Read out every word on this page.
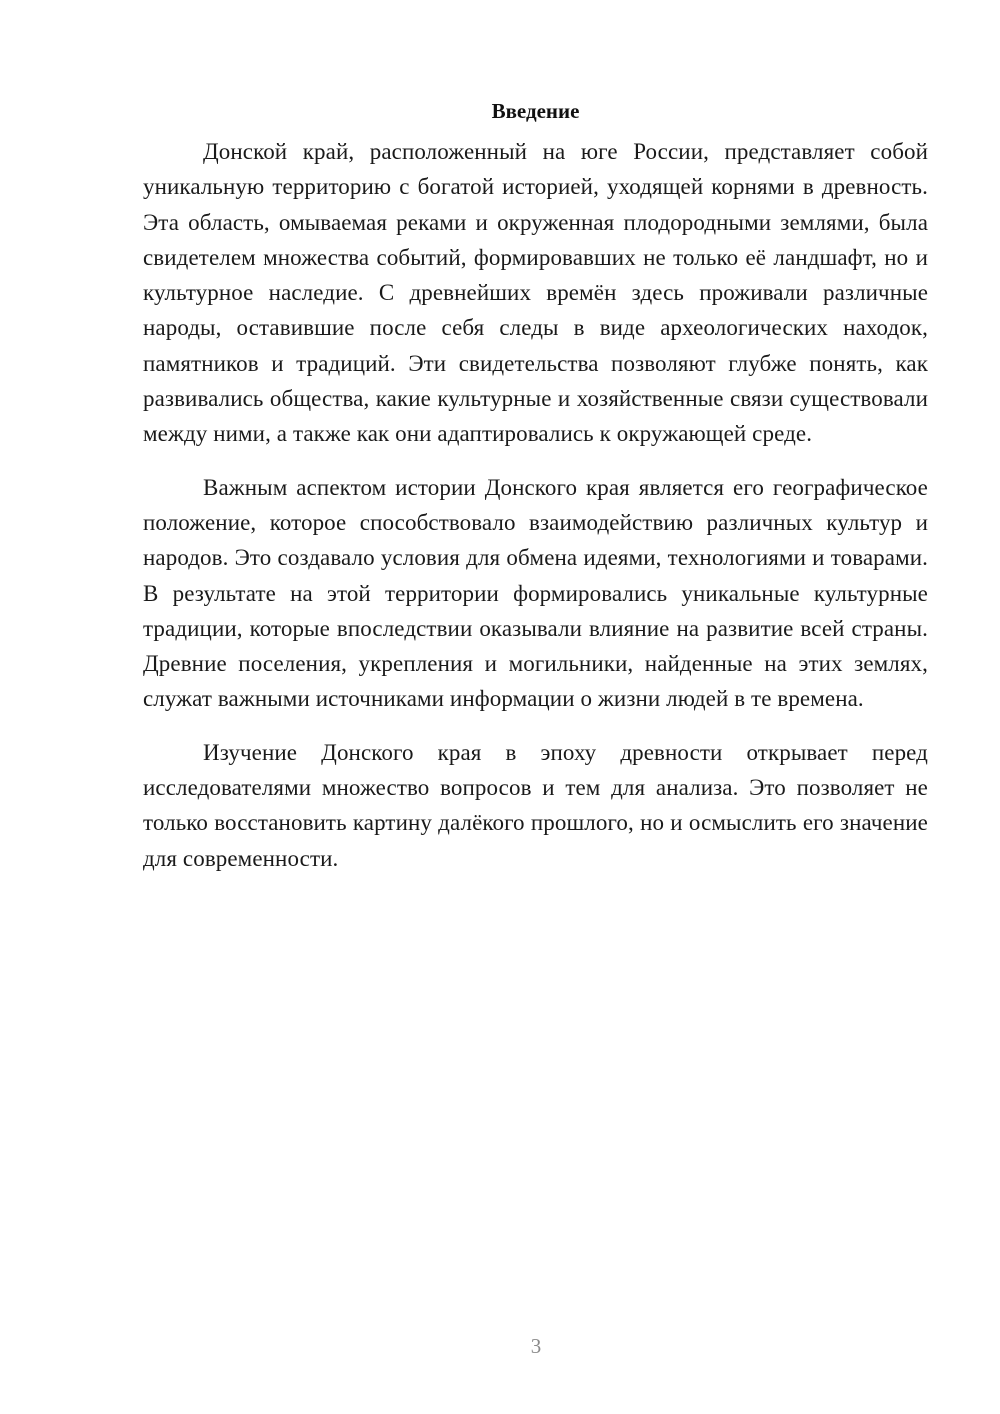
Введение

Донской край, расположенный на юге России, представляет собой уникальную территорию с богатой историей, уходящей корнями в древность. Эта область, омываемая реками и окруженная плодородными землями, была свидетелем множества событий, формировавших не только её ландшафт, но и культурное наследие. С древнейших времён здесь проживали различные народы, оставившие после себя следы в виде археологических находок, памятников и традиций. Эти свидетельства позволяют глубже понять, как развивались общества, какие культурные и хозяйственные связи существовали между ними, а также как они адаптировались к окружающей среде.

Важным аспектом истории Донского края является его географическое положение, которое способствовало взаимодействию различных культур и народов. Это создавало условия для обмена идеями, технологиями и товарами. В результате на этой территории формировались уникальные культурные традиции, которые впоследствии оказывали влияние на развитие всей страны. Древние поселения, укрепления и могильники, найденные на этих землях, служат важными источниками информации о жизни людей в те времена.

Изучение Донского края в эпоху древности открывает перед исследователями множество вопросов и тем для анализа. Это позволяет не только восстановить картину далёкого прошлого, но и осмыслить его значение для современности.

3
